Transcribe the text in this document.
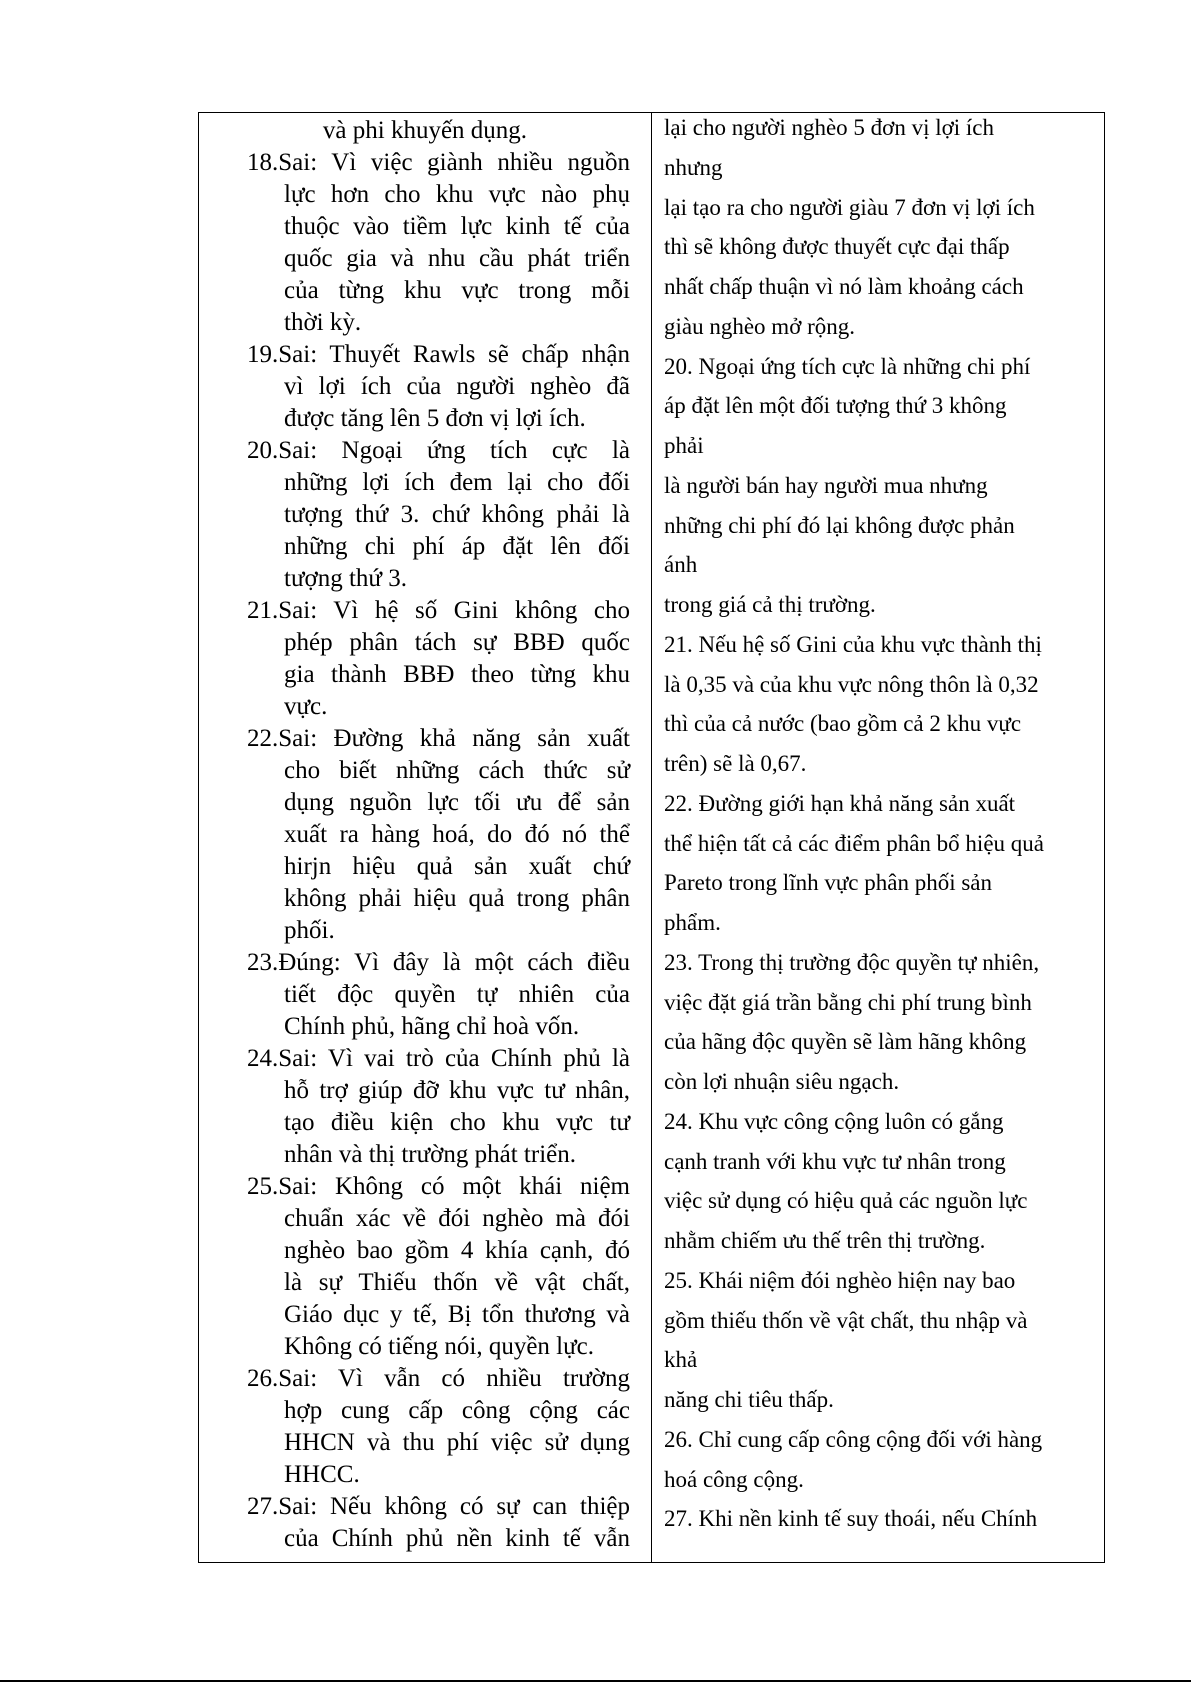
và phi khuyến dụng.
18.Sai: Vì việc giành nhiều nguồn
lực hơn cho khu vực nào phụ
thuộc vào tiềm lực kinh tế của
quốc gia và nhu cầu phát triển
của từng khu vực trong mỗi
thời kỳ.
19.Sai: Thuyết Rawls sẽ chấp nhận
vì lợi ích của người nghèo đã
được tăng lên 5 đơn vị lợi ích.
20.Sai: Ngoại ứng tích cực là
những lợi ích đem lại cho đối
tượng thứ 3. chứ không phải là
những chi phí áp đặt lên đối
tượng thứ 3.
21.Sai: Vì hệ số Gini không cho
phép phân tách sự BBĐ quốc
gia thành BBĐ theo từng khu
vực.
22.Sai: Đường khả năng sản xuất
cho biết những cách thức sử
dụng nguồn lực tối ưu để sản
xuất ra hàng hoá, do đó nó thể
hirjn hiệu quả sản xuất chứ
không phải hiệu quả trong phân
phối.
23.Đúng: Vì đây là một cách điều
tiết độc quyền tự nhiên của
Chính phủ, hãng chỉ hoà vốn.
24.Sai: Vì vai trò của Chính phủ là
hỗ trợ giúp đỡ khu vực tư nhân,
tạo điều kiện cho khu vực tư
nhân và thị trường phát triển.
25.Sai: Không có một khái niệm
chuẩn xác về đói nghèo mà đói
nghèo bao gồm 4 khía cạnh, đó
là sự Thiếu thốn về vật chất,
Giáo dục y tế, Bị tổn thương và
Không có tiếng nói, quyền lực.
26.Sai: Vì vẫn có nhiều trường
hợp cung cấp công cộng các
HHCN và thu phí việc sử dụng
HHCC.
27.Sai: Nếu không có sự can thiệp
của Chính phủ nền kinh tế vẫn
lại cho người nghèo 5 đơn vị lợi ích
nhưng
lại tạo ra cho người giàu 7 đơn vị lợi ích
thì sẽ không được thuyết cực đại thấp
nhất chấp thuận vì nó làm khoảng cách
giàu nghèo mở rộng.
20. Ngoại ứng tích cực là những chi phí
áp đặt lên một đối tượng thứ 3 không
phải
là người bán hay người mua nhưng
những chi phí đó lại không được phản
ánh
trong giá cả thị trường.
21. Nếu hệ số Gini của khu vực thành thị
là 0,35 và của khu vực nông thôn là 0,32
thì của cả nước (bao gồm cả 2 khu vực
trên) sẽ là 0,67.
22. Đường giới hạn khả năng sản xuất
thể hiện tất cả các điểm phân bổ hiệu quả
Pareto trong lĩnh vực phân phối sản
phẩm.
23. Trong thị trường độc quyền tự nhiên,
việc đặt giá trần bằng chi phí trung bình
của hãng độc quyền sẽ làm hãng không
còn lợi nhuận siêu ngạch.
24. Khu vực công cộng luôn có gắng
cạnh tranh với khu vực tư nhân trong
việc sử dụng có hiệu quả các nguồn lực
nhằm chiếm ưu thế trên thị trường.
25. Khái niệm đói nghèo hiện nay bao
gồm thiếu thốn về vật chất, thu nhập và
khả
năng chi tiêu thấp.
26. Chỉ cung cấp công cộng đối với hàng
hoá công cộng.
27. Khi nền kinh tế suy thoái, nếu Chính
